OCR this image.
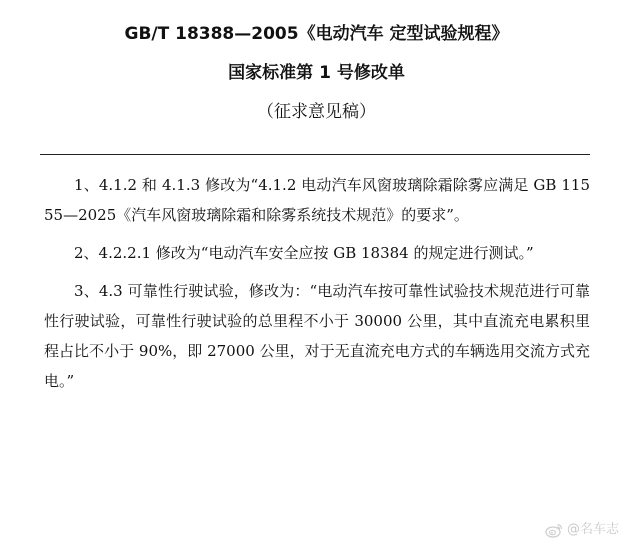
GB/T 18388—2005《电动汽车 定型试验规程》
国家标准第 1 号修改单
（征求意见稿）

1、4.1.2 和 4.1.3 修改为“4.1.2 电动汽车风窗玻璃除霜除雾应满足 GB 11555—2025《汽车风窗玻璃除霜和除雾系统技术规范》的要求”。

2、4.2.2.1 修改为“电动汽车安全应按 GB 18384 的规定进行测试。”

3、4.3 可靠性行驶试验，修改为：“电动汽车按可靠性试验技术规范进行可靠性行驶试验，可靠性行驶试验的总里程不小于 30000 公里，其中直流充电累积里程占比不小于 90%，即 27000 公里，对于无直流充电方式的车辆选用交流方式充电。”

@名车志
